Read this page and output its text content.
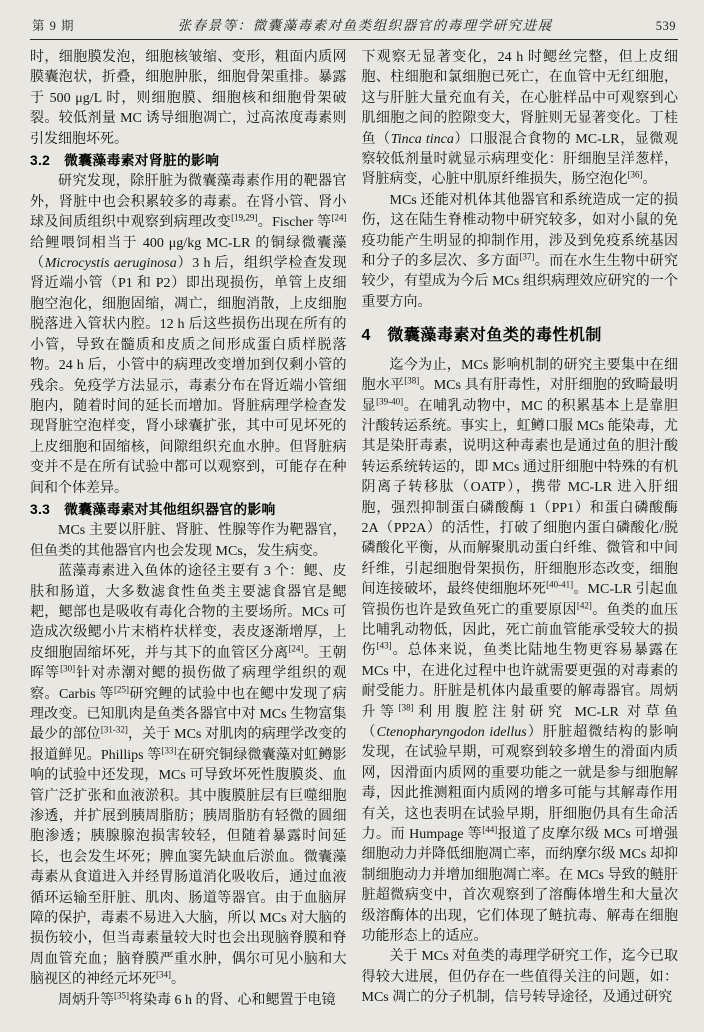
第 9 期	张春景等：微囊藻毒素对鱼类组织器官的毒理学研究进展	539
时，细胞膜发泡，细胞核皱缩、变形，粗面内质网膜囊泡状，折叠，细胞肿胀，细胞骨架重排。暴露于 500 μg/L 时，则细胞膜、细胞核和细胞骨架破裂。较低剂量 MC 诱导细胞凋亡，过高浓度毒素则引发细胞坏死。
3.2　微囊藻毒素对肾脏的影响
研究发现，除肝脏为微囊藻毒素作用的靶器官外，肾脏中也会积累较多的毒素。在肾小管、肾小球及间质组织中观察到病理改变[19,29]。Fischer 等[24]给鲤喂饲相当于 400 μg/kg MC-LR 的铜绿微囊藻（Microcystis aeruginosa）3 h 后，组织学检查发现肾近端小管（P1 和 P2）即出现损伤，单管上皮细胞空泡化，细胞固缩，凋亡，细胞消散，上皮细胞脱落进入管状内腔。12 h 后这些损伤出现在所有的小管，导致在髓质和皮质之间形成蛋白质样脱落物。24 h 后，小管中的病理改变增加到仅剩小管的残余。免疫学方法显示，毒素分布在肾近端小管细胞内，随着时间的延长而增加。肾脏病理学检查发现肾脏空泡样变，肾小球囊扩张，其中可见坏死的上皮细胞和固缩核，间隙组织充血水肿。但肾脏病变并不是在所有试验中都可以观察到，可能存在种间和个体差异。
3.3　微囊藻毒素对其他组织器官的影响
MCs 主要以肝脏、肾脏、性腺等作为靶器官，但鱼类的其他器官内也会发现 MCs，发生病变。
蓝藻毒素进入鱼体的途径主要有 3 个：鳃、皮肤和肠道，大多数滤食性鱼类主要滤食器官是鳃耙，鳃部也是吸收有毒化合物的主要场所。MCs 可造成次级鳃小片末梢杵状样变，表皮逐渐增厚，上皮细胞固缩坏死，并与其下的血管区分离[24]。王朝晖等[30]针对赤潮对鳃的损伤做了病理学组织的观察。Carbis 等[25]研究鲤的试验中也在鳃中发现了病理改变。已知肌肉是鱼类各器官中对 MCs 生物富集最少的部位[31-32]，关于 MCs 对肌肉的病理学改变的报道鲜见。Phillips 等[33]在研究铜绿微囊藻对虹鳟影响的试验中还发现，MCs 可导致坏死性腹膜炎、血管广泛扩张和血液淤积。其中腹膜脏层有巨噬细胞渗透，并扩展到胰周脂肪；胰周脂肪有轻微的圆细胞渗透；胰腺腺泡损害较轻，但随着暴露时间延长，也会发生坏死；脾血窦先缺血后淤血。微囊藻毒素从食道进入并经胃肠道消化吸收后，通过血液循环运输至肝脏、肌肉、肠道等器官。由于血脑屏障的保护，毒素不易进入大脑，所以 MCs 对大脑的损伤较小，但当毒素量较大时也会出现脑脊膜和脊周血管充血；脑脊膜严重水肿，偶尔可见小脑和大脑视区的神经元坏死[34]。
周炳升等[35]将染毒 6 h 的肾、心和鳃置于电镜
下观察无显著变化，24 h 时鳃丝完整，但上皮细胞、柱细胞和氯细胞已死亡，在血管中无红细胞，这与肝脏大量充血有关，在心脏样品中可观察到心肌细胞之间的腔隙变大，肾脏则无显著变化。丁桂鱼（Tinca tinca）口服混合食物的 MC-LR，显微观察较低剂量时就显示病理变化：肝细胞呈洋葱样，肾脏病变，心脏中肌原纤维损失，肠空泡化[36]。
MCs 还能对机体其他器官和系统造成一定的损伤，这在陆生脊椎动物中研究较多，如对小鼠的免疫功能产生明显的抑制作用，涉及到免疫系统基因和分子的多层次、多方面[37]。而在水生生物中研究较少，有望成为今后 MCs 组织病理效应研究的一个重要方向。
4　微囊藻毒素对鱼类的毒性机制
迄今为止，MCs 影响机制的研究主要集中在细胞水平[38]。MCs 具有肝毒性，对肝细胞的致畸最明显[39-40]。在哺乳动物中，MC 的积累基本上是靠胆汁酸转运系统。事实上，虹鳟口服 MCs 能染毒，尤其是染肝毒素，说明这种毒素也是通过鱼的胆汁酸转运系统转运的，即 MCs 通过肝细胞中特殊的有机阴离子转移肽（OATP），携带 MC-LR 进入肝细胞，强烈抑制蛋白磷酸酶 1（PP1）和蛋白磷酸酶 2A（PP2A）的活性，打破了细胞内蛋白磷酸化/脱磷酸化平衡，从而解聚肌动蛋白纤维、微管和中间纤维，引起细胞骨架损伤，肝细胞形态改变，细胞间连接破坏，最终使细胞坏死[40-41]。MC-LR 引起血管损伤也许是致鱼死亡的重要原因[42]。鱼类的血压比哺乳动物低，因此，死亡前血管能承受较大的损伤[43]。总体来说，鱼类比陆地生物更容易暴露在 MCs 中，在进化过程中也许就需要更强的对毒素的耐受能力。肝脏是机体内最重要的解毒器官。周炳升等[38]利用腹腔注射研究 MC-LR 对草鱼（Ctenopharyngodon idellus）肝脏超微结构的影响发现，在试验早期，可观察到较多增生的滑面内质网，因滑面内质网的重要功能之一就是参与细胞解毒，因此推测粗面内质网的增多可能与其解毒作用有关，这也表明在试验早期，肝细胞仍具有生命活力。而 Humpage 等[44]报道了皮摩尔级 MCs 可增强细胞动力并降低细胞凋亡率，而纳摩尔级 MCs 却抑制细胞动力并增加细胞凋亡率。在 MCs 导致的鲢肝脏超微病变中，首次观察到了溶酶体增生和大量次级溶酶体的出现，它们体现了鲢抗毒、解毒在细胞功能形态上的适应。
关于 MCs 对鱼类的毒理学研究工作，迄今已取得较大进展，但仍存在一些值得关注的问题，如：MCs 凋亡的分子机制，信号转导途径，及通过研究
